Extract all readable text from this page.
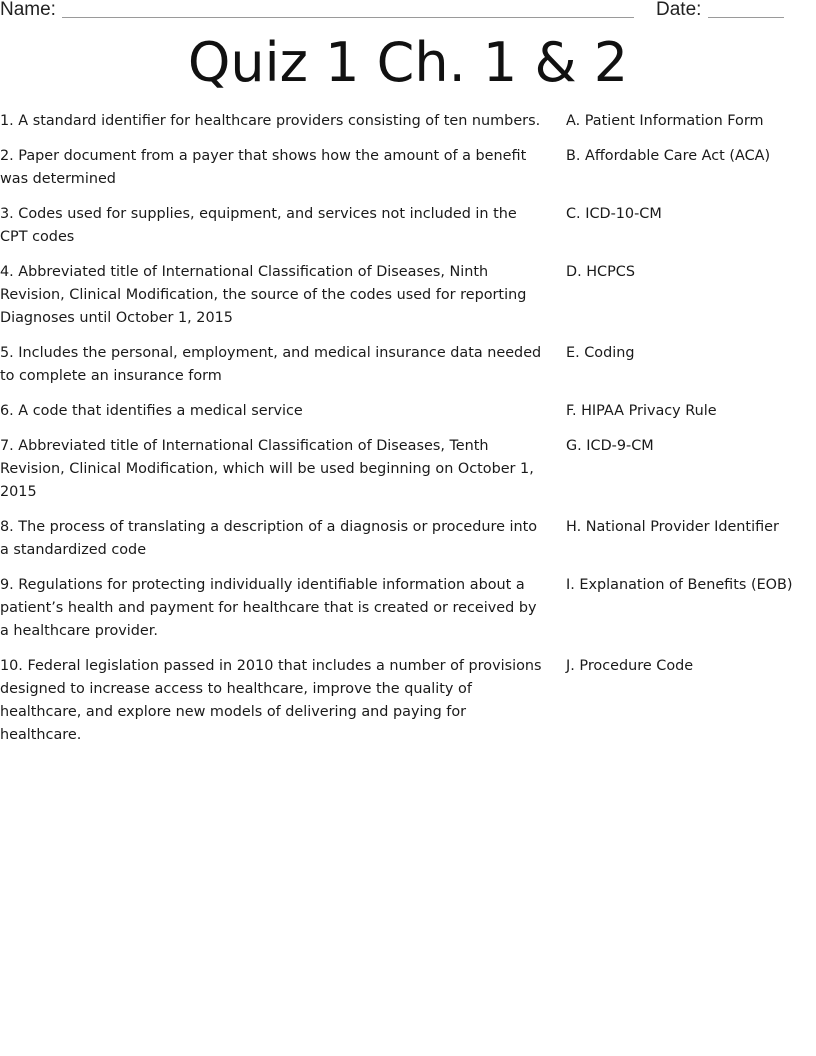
Name:	Date:
Quiz 1 Ch. 1 & 2
1. A standard identifier for healthcare providers consisting of ten numbers.	A. Patient Information Form
2. Paper document from a payer that shows how the amount of a benefit was determined
B. Affordable Care Act (ACA)
3. Codes used for supplies, equipment, and services not included in the CPT codes
C. ICD-10-CM
4. Abbreviated title of International Classification of Diseases, Ninth Revision, Clinical Modification, the source of the codes used for reporting Diagnoses until October 1, 2015
D. HCPCS
5. Includes the personal, employment, and medical insurance data needed to complete an insurance form
E. Coding
6. A code that identifies a medical service	F. HIPAA Privacy Rule
7. Abbreviated title of International Classification of Diseases, Tenth Revision, Clinical Modification, which will be used beginning on October 1, 2015
G. ICD-9-CM
8. The process of translating a description of a diagnosis or procedure into a standardized code
H. National Provider Identifier
9. Regulations for protecting individually identifiable information about a patient’s health and payment for healthcare that is created or received by a healthcare provider.
I. Explanation of Benefits (EOB)
10. Federal legislation passed in 2010 that includes a number of provisions designed to increase access to healthcare, improve the quality of healthcare, and explore new models of delivering and paying for healthcare.
J. Procedure Code
